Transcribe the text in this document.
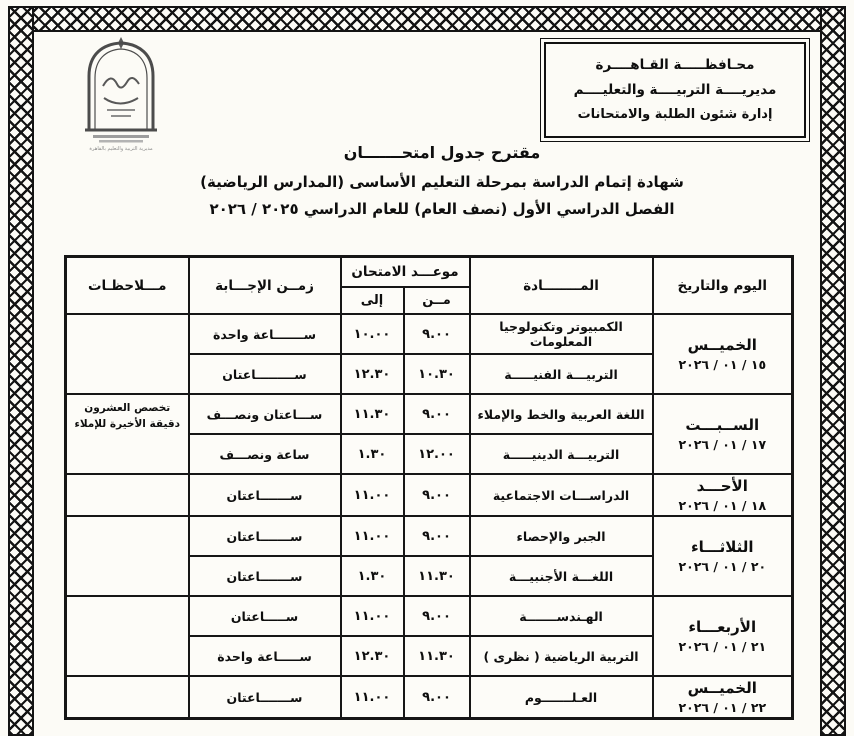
مديرية التربية والتعليم بالقاهرة
محـافظـــــة القـاهــــرة
مديريــــة التربيــــة والتعليــــم
إدارة شئون الطلبة والامتحانات

مقترح جدول امتحـــــــان

شهادة إتمام الدراسة بمرحلة التعليم الأساسى (المدارس الرياضية)

الفصل الدراسي الأول (نصف العام) للعام الدراسي ٢٠٢٥ / ٢٠٢٦

اليوم والتاريخ	المــــــــادة	موعـــد الامتحان		زمــن الإجـــابة	مـــلاحظـات
		مــن	إلى		

الخميــس
١٥ / ٠١ / ٢٠٢٦	الكمبيوتر وتكنولوجيا المعلومات	٩.٠٠	١٠.٠٠	ســـــــاعة واحدة	
	التربيـــة الفنيـــــة	١٠.٣٠	١٢.٣٠	ســـــــــاعتان	

الســبـــت
١٧ / ٠١ / ٢٠٢٦	اللغة العربية والخط والإملاء	٩.٠٠	١١.٣٠	ســـاعتان ونصـــف	تخصص العشرون دقيقة الأخيرة للإملاء
	التربيـــة الدينيـــــة	١٢.٠٠	١.٣٠	ساعة ونصـــف	

الأحـــد
١٨ / ٠١ / ٢٠٢٦	الدراســـات الاجتماعية	٩.٠٠	١١.٠٠	ســـــــاعتان	

الثلاثـــاء
٢٠ / ٠١ / ٢٠٢٦	الجبر والإحصاء	٩.٠٠	١١.٠٠	ســـــــاعتان	
	اللغـــة الأجنبيـــة	١١.٣٠	١.٣٠	ســـــــاعتان	

الأربعـــاء
٢١ / ٠١ / ٢٠٢٦	الهـندســـــــة	٩.٠٠	١١.٠٠	ســـــاعتان	
	التربية الرياضية ( نظرى )	١١.٣٠	١٢.٣٠	ســـــاعة واحدة	

الخميــس
٢٢ / ٠١ / ٢٠٢٦	العـلـــــــوم	٩.٠٠	١١.٠٠	ســـــــاعتان	
